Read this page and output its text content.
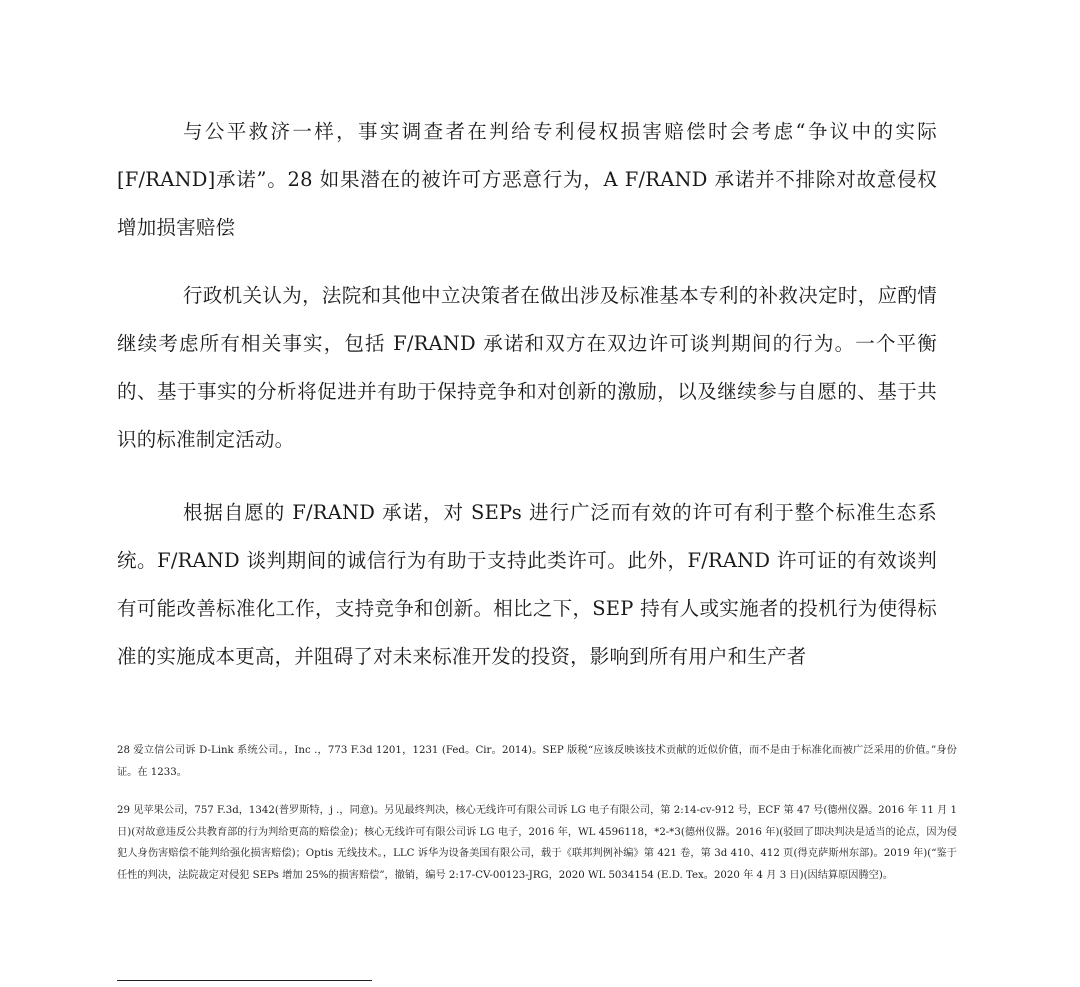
与公平救济一样，事实调查者在判给专利侵权损害赔偿时会考虑“争议中的实际[F/RAND]承诺”。28 如果潜在的被许可方恶意行为，A F/RAND 承诺并不排除对故意侵权增加损害赔偿

行政机关认为，法院和其他中立决策者在做出涉及标准基本专利的补救决定时，应酌情继续考虑所有相关事实，包括 F/RAND 承诺和双方在双边许可谈判期间的行为。一个平衡的、基于事实的分析将促进并有助于保持竞争和对创新的激励，以及继续参与自愿的、基于共识的标准制定活动。

根据自愿的 F/RAND 承诺，对 SEPs 进行广泛而有效的许可有利于整个标准生态系统。F/RAND 谈判期间的诚信行为有助于支持此类许可。此外，F/RAND 许可证的有效谈判有可能改善标准化工作，支持竞争和创新。相比之下，SEP 持有人或实施者的投机行为使得标准的实施成本更高，并阻碍了对未来标准开发的投资，影响到所有用户和生产者

28 爱立信公司诉 D-Link 系统公司。，Inc .，773 F.3d 1201，1231 (Fed。Cir。2014)。SEP 版税“应该反映该技术贡献的近似价值，而不是由于标准化而被广泛采用的价值。”身份证。在 1233。

29 见苹果公司，757 F.3d，1342(普罗斯特，j .，同意)。另见最终判决，核心无线许可有限公司诉 LG 电子有限公司，第 2:14-cv-912 号，ECF 第 47 号(德州仪器。2016 年 11 月 1 日)(对故意违反公共教育部的行为判给更高的赔偿金)；核心无线许可有限公司诉 LG 电子，2016 年，WL 4596118，*2-*3(德州仪器。2016 年)(驳回了即决判决是适当的论点，因为侵犯人身伤害赔偿不能判给强化损害赔偿)；Optis 无线技术。，LLC 诉华为设备美国有限公司，载于《联邦判例补编》第 421 卷，第 3d 410、412 页(得克萨斯州东部)。2019 年)(“鉴于任性的判决，法院裁定对侵犯 SEPs 增加 25%的损害赔偿”，撤销，编号 2:17-CV-00123-JRG，2020 WL 5034154 (E.D. Tex。2020 年 4 月 3 日)(因结算原因腾空)。
